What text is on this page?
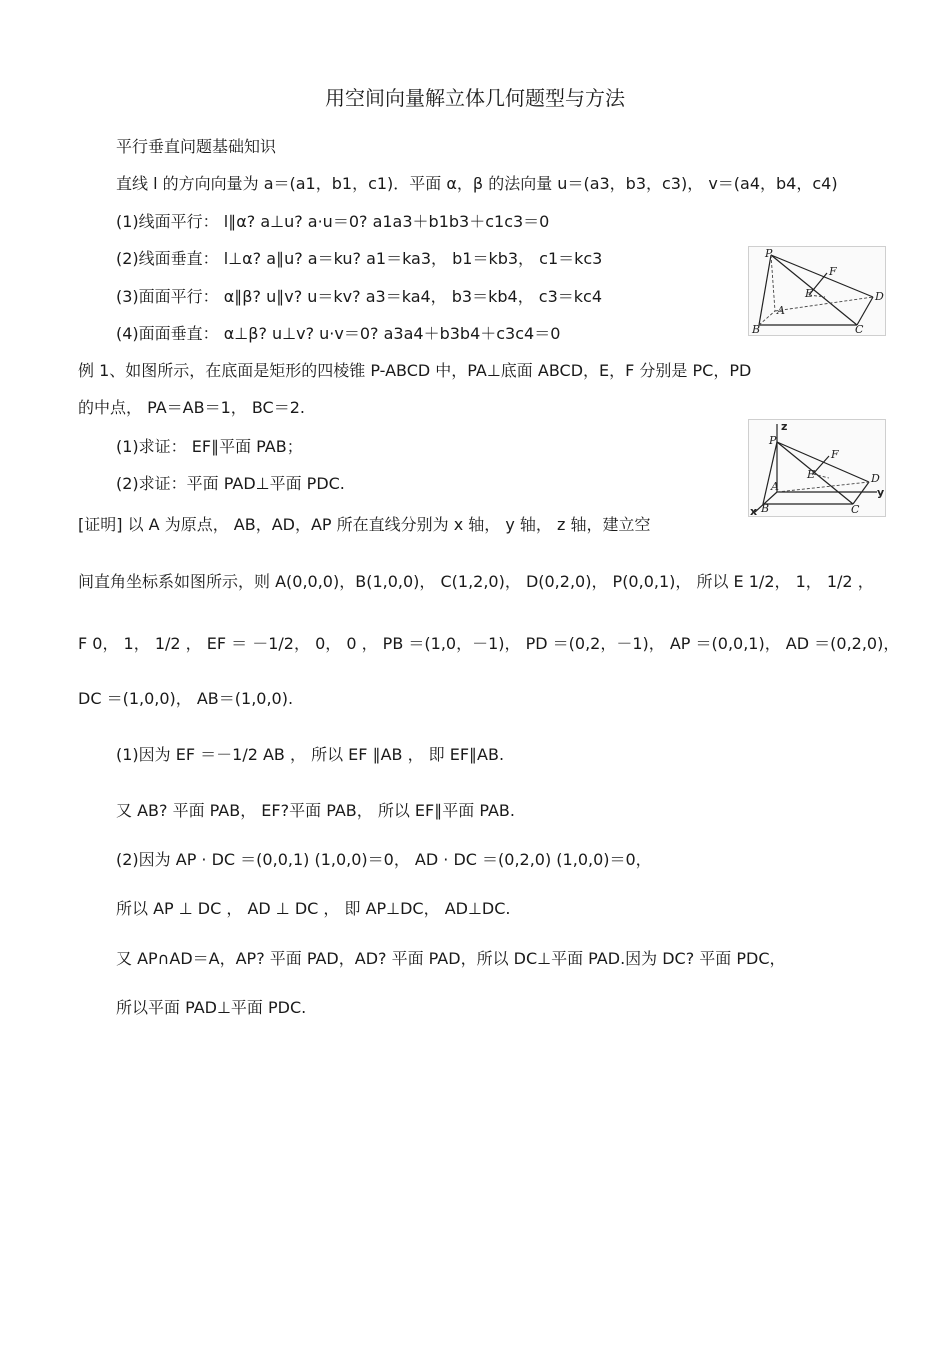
用空间向量解立体几何题型与方法
平行垂直问题基础知识
直线 l 的方向向量为 a＝(a1，b1，c1)．平面 α，β 的法向量 u＝(a3，b3，c3)， v＝(a4，b4，c4)
(1)线面平行： l∥α? a⊥u? a·u＝0? a1a3＋b1b3＋c1c3＝0
(2)线面垂直： l⊥α? a∥u? a＝ku? a1＝ka3， b1＝kb3， c1＝kc3
(3)面面平行： α∥β? u∥v? u＝kv? a3＝ka4， b3＝kb4， c3＝kc4
(4)面面垂直： α⊥β? u⊥v? u·v＝0? a3a4＋b3b4＋c3c4＝0
例 1、如图所示，在底面是矩形的四棱锥 P-ABCD 中，PA⊥底面 ABCD，E，F 分别是 PC，PD
的中点， PA＝AB＝1， BC＝2.
(1)求证： EF∥平面 PAB；
(2)求证：平面 PAD⊥平面 PDC.
[证明] 以 A 为原点， AB，AD，AP 所在直线分别为 x 轴， y 轴， z 轴，建立空
间直角坐标系如图所示，则 A(0,0,0)，B(1,0,0)， C(1,2,0)， D(0,2,0)， P(0,0,1)， 所以 E 1/2， 1， 1/2 ，
F 0， 1， 1/2 ， EF ＝ －1/2， 0， 0 ， PB ＝(1,0，－1)， PD ＝(0,2，－1)， AP ＝(0,0,1)， AD ＝(0,2,0)，
DC ＝(1,0,0)， AB＝(1,0,0).
(1)因为 EF ＝－1/2 AB ， 所以 EF ∥AB ， 即 EF∥AB.
又 AB? 平面 PAB， EF?平面 PAB， 所以 EF∥平面 PAB.
(2)因为 AP · DC ＝(0,0,1) (1,0,0)＝0， AD · DC ＝(0,2,0) (1,0,0)＝0，
所以 AP ⊥ DC ， AD ⊥ DC ， 即 AP⊥DC， AD⊥DC.
又 AP∩AD＝A，AP? 平面 PAD，AD? 平面 PAD，所以 DC⊥平面 PAD.因为 DC? 平面 PDC，
所以平面 PAD⊥平面 PDC.
P
F
E	D
A
B	C
z
P
F
E	D
y
A
B	C
x
